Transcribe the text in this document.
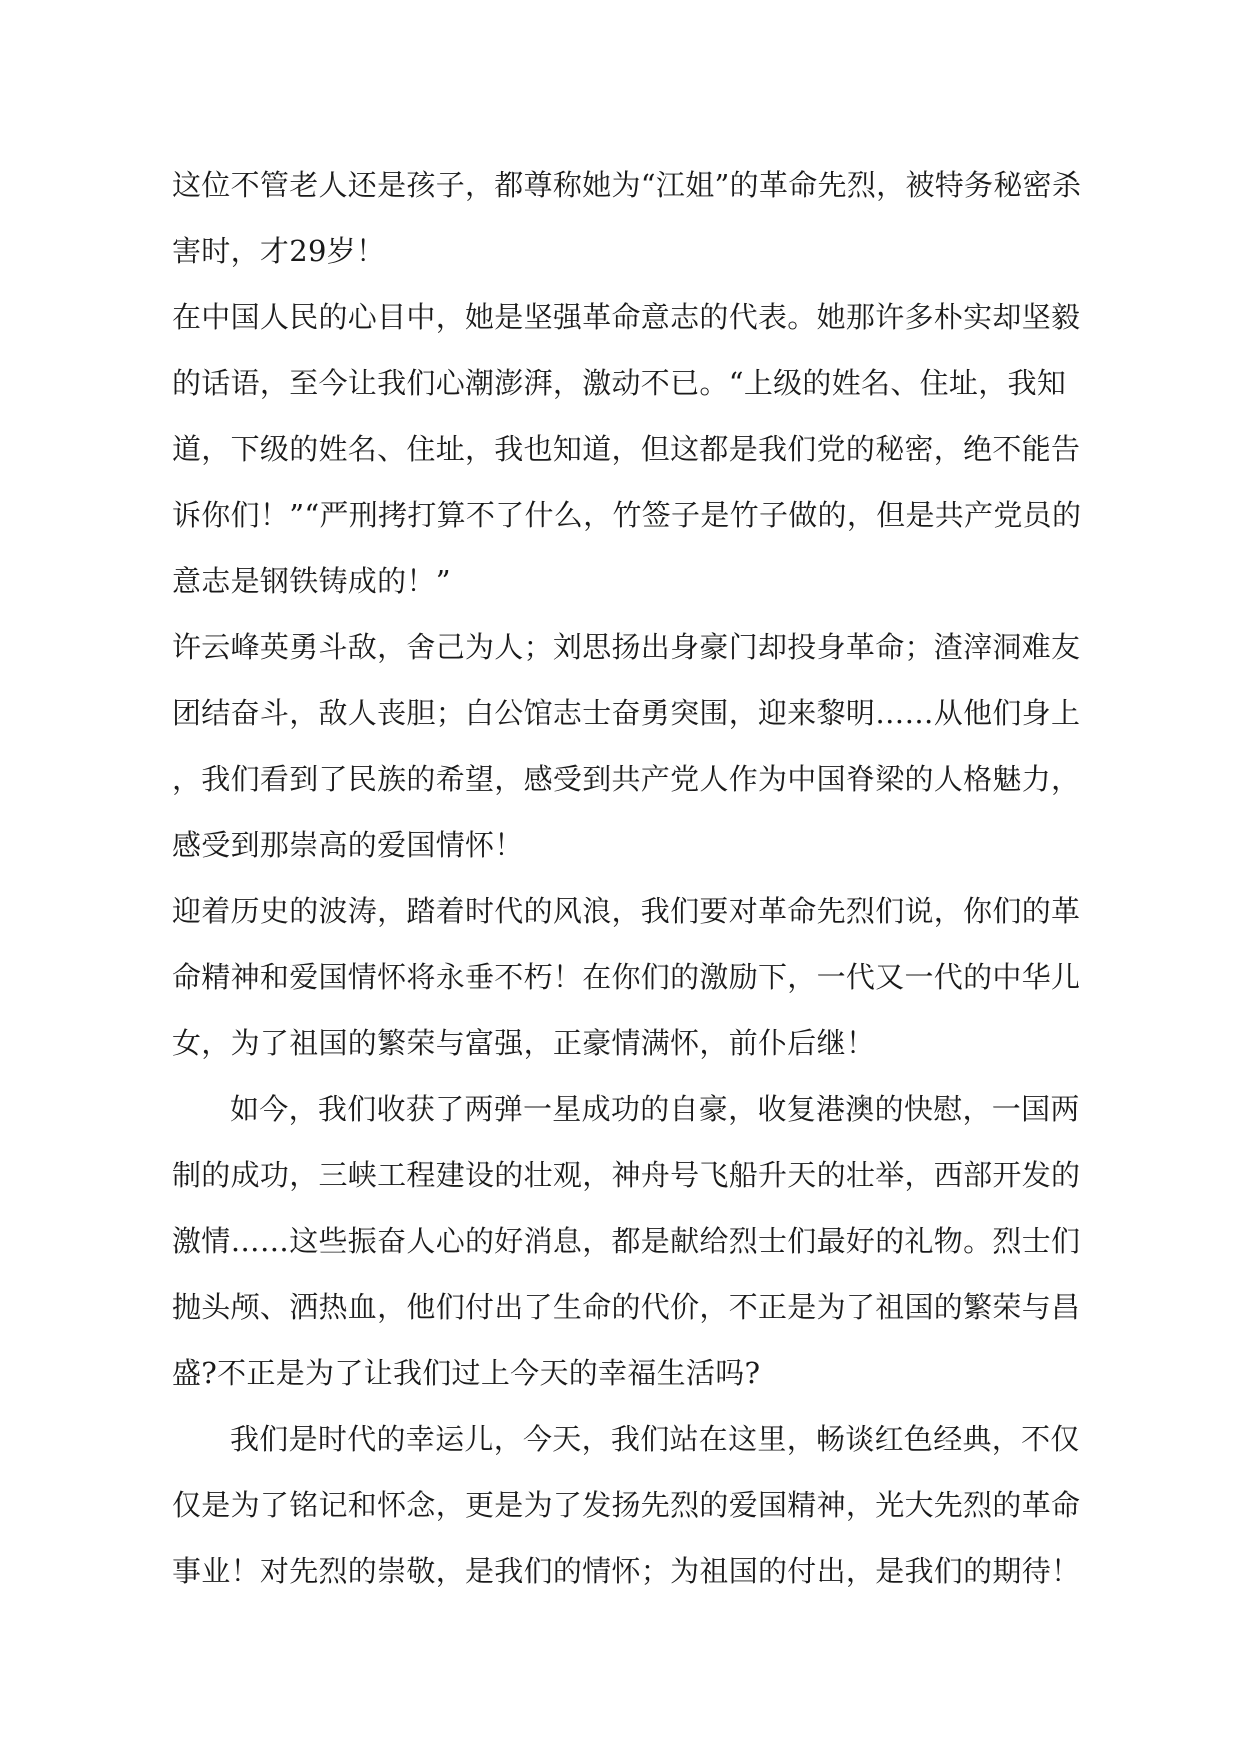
这位不管老人还是孩子，都尊称她为“江姐”的革命先烈，被特务秘密杀
害时，才29岁！
在中国人民的心目中，她是坚强革命意志的代表。她那许多朴实却坚毅
的话语，至今让我们心潮澎湃，激动不已。“上级的姓名、住址，我知
道，下级的姓名、住址，我也知道，但这都是我们党的秘密，绝不能告
诉你们！”“严刑拷打算不了什么，竹签子是竹子做的，但是共产党员的
意志是钢铁铸成的！”
许云峰英勇斗敌，舍己为人；刘思扬出身豪门却投身革命；渣滓洞难友
团结奋斗，敌人丧胆；白公馆志士奋勇突围，迎来黎明……从他们身上
，我们看到了民族的希望，感受到共产党人作为中国脊梁的人格魅力，
感受到那崇高的爱国情怀！
迎着历史的波涛，踏着时代的风浪，我们要对革命先烈们说，你们的革
命精神和爱国情怀将永垂不朽！在你们的激励下，一代又一代的中华儿
女，为了祖国的繁荣与富强，正豪情满怀，前仆后继！
如今，我们收获了两弹一星成功的自豪，收复港澳的快慰，一国两
制的成功，三峡工程建设的壮观，神舟号飞船升天的壮举，西部开发的
激情……这些振奋人心的好消息，都是献给烈士们最好的礼物。烈士们
抛头颅、洒热血，他们付出了生命的代价，不正是为了祖国的繁荣与昌
盛?不正是为了让我们过上今天的幸福生活吗?
我们是时代的幸运儿，今天，我们站在这里，畅谈红色经典，不仅
仅是为了铭记和怀念，更是为了发扬先烈的爱国精神，光大先烈的革命
事业！对先烈的崇敬，是我们的情怀；为祖国的付出，是我们的期待！
